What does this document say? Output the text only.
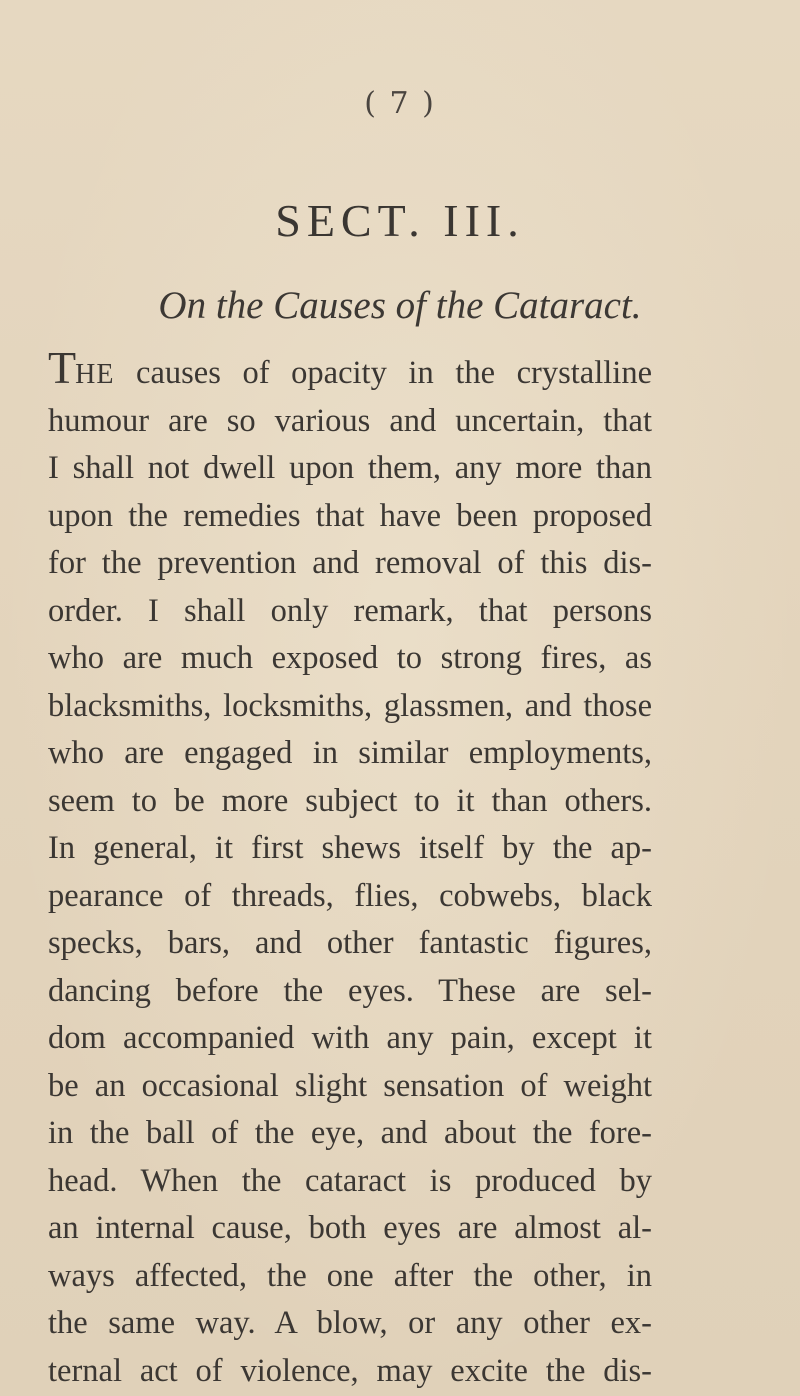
( 7 )
SECT. III.
On the Causes of the Cataract.
THE causes of opacity in the crystalline
humour are so various and uncertain, that
I shall not dwell upon them, any more than
upon the remedies that have been proposed
for the prevention and removal of this dis-
order. I shall only remark, that persons
who are much exposed to strong fires, as
blacksmiths, locksmiths, glassmen, and those
who are engaged in similar employments,
seem to be more subject to it than others.
In general, it first shews itself by the ap-
pearance of threads, flies, cobwebs, black
specks, bars, and other fantastic figures,
dancing before the eyes. These are sel-
dom accompanied with any pain, except it
be an occasional slight sensation of weight
in the ball of the eye, and about the fore-
head. When the cataract is produced by
an internal cause, both eyes are almost al-
ways affected, the one after the other, in
the same way. A blow, or any other ex-
ternal act of violence, may excite the dis-
